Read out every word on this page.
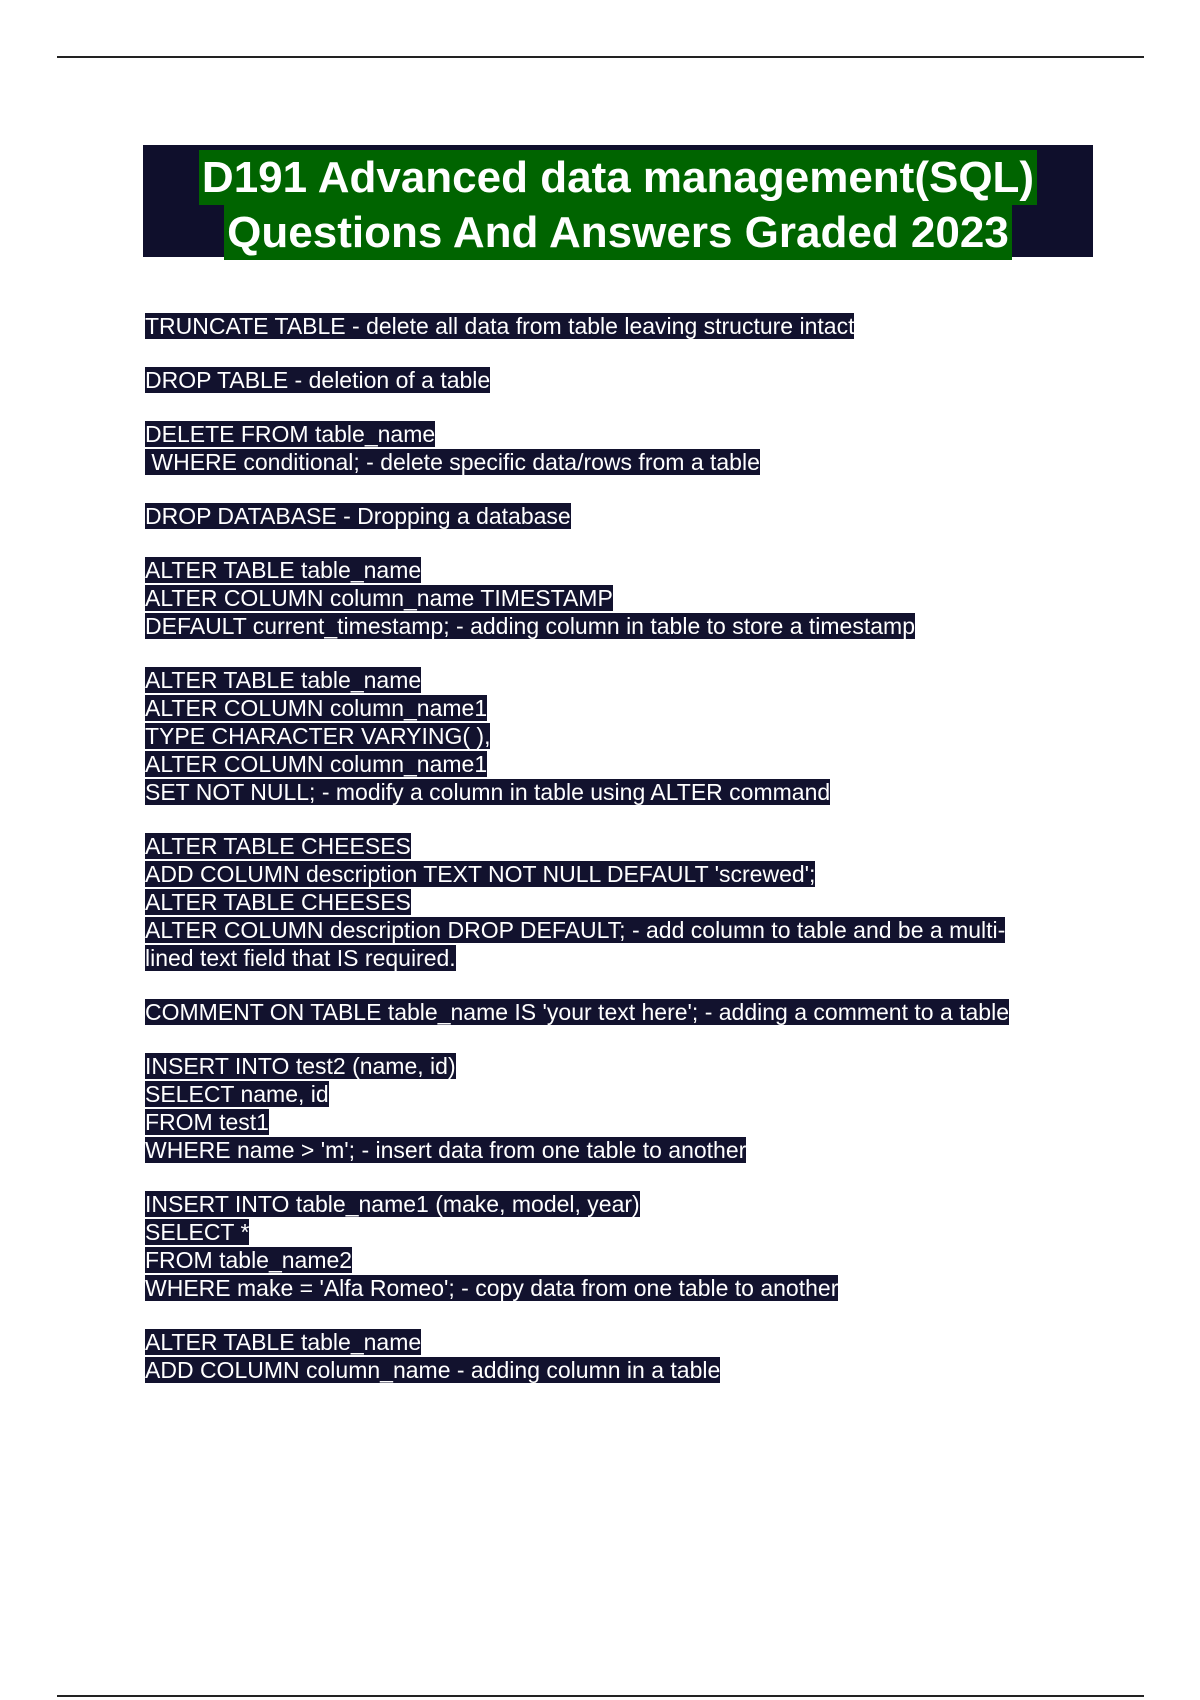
D191 Advanced data management(SQL)
Questions And Answers Graded 2023
TRUNCATE TABLE - delete all data from table leaving structure intact
DROP TABLE - deletion of a table
DELETE FROM table_name
WHERE conditional; - delete specific data/rows from a table
DROP DATABASE - Dropping a database
ALTER TABLE table_name
ALTER COLUMN column_name TIMESTAMP
DEFAULT current_timestamp; - adding column in table to store a timestamp
ALTER TABLE table_name
ALTER COLUMN column_name1
TYPE CHARACTER VARYING( ),
ALTER COLUMN column_name1
SET NOT NULL; - modify a column in table using ALTER command
ALTER TABLE CHEESES
ADD COLUMN description TEXT NOT NULL DEFAULT 'screwed';
ALTER TABLE CHEESES
ALTER COLUMN description DROP DEFAULT; - add column to table and be a multi-
lined text field that IS required.
COMMENT ON TABLE table_name IS 'your text here'; - adding a comment to a table
INSERT INTO test2 (name, id)
SELECT name, id
FROM test1
WHERE name > 'm'; - insert data from one table to another
INSERT INTO table_name1 (make, model, year)
SELECT *
FROM table_name2
WHERE make = 'Alfa Romeo'; - copy data from one table to another
ALTER TABLE table_name
ADD COLUMN column_name - adding column in a table
